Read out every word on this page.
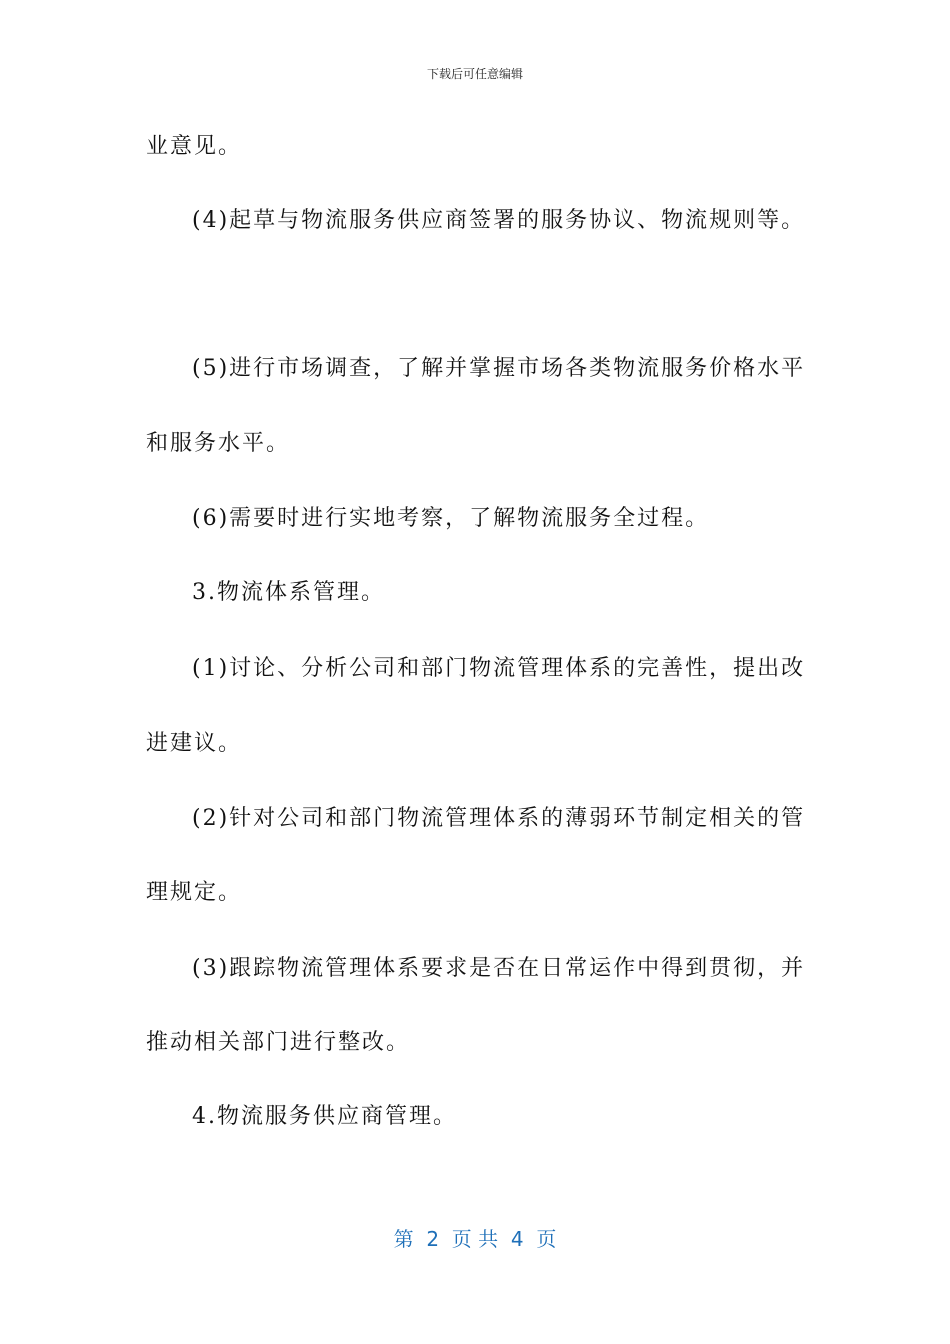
下载后可任意编辑

业意见。

(4)起草与物流服务供应商签署的服务协议、物流规则等。

(5)进行市场调查，了解并掌握市场各类物流服务价格水平

和服务水平。

(6)需要时进行实地考察，了解物流服务全过程。

3.物流体系管理。

(1)讨论、分析公司和部门物流管理体系的完善性，提出改

进建议。

(2)针对公司和部门物流管理体系的薄弱环节制定相关的管

理规定。

(3)跟踪物流管理体系要求是否在日常运作中得到贯彻，并

推动相关部门进行整改。

4.物流服务供应商管理。

第  2  页 共  4  页
